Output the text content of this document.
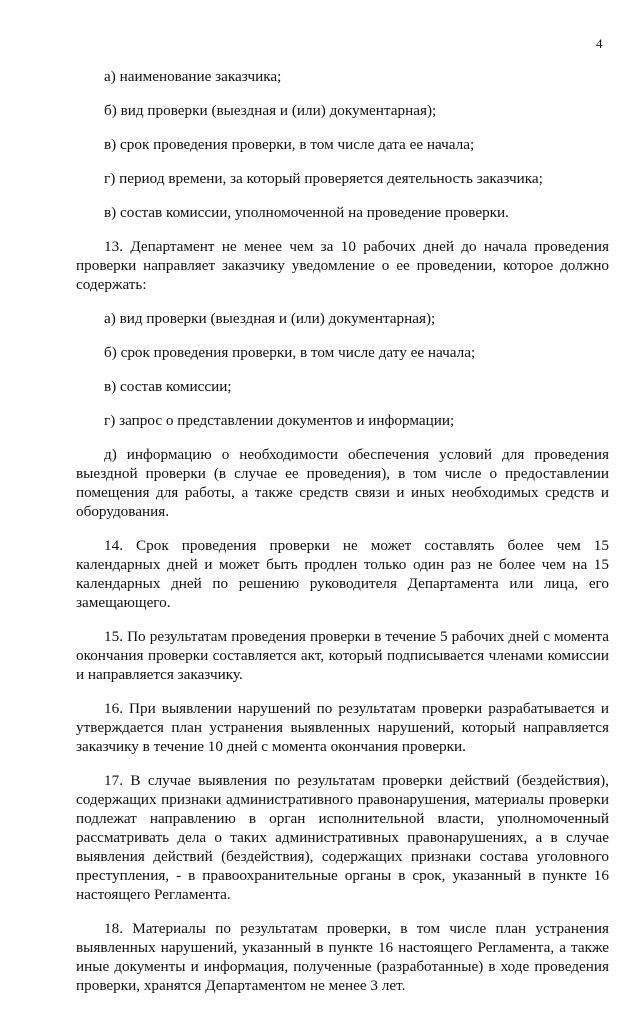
4

а) наименование заказчика;

б) вид проверки (выездная и (или) документарная);

в) срок проведения проверки, в том числе дата ее начала;

г) период времени, за который проверяется деятельность заказчика;

в) состав комиссии, уполномоченной на проведение проверки.

13. Департамент не менее чем за 10 рабочих дней до начала проведения проверки направляет заказчику уведомление о ее проведении, которое должно содержать:

а) вид проверки (выездная и (или) документарная);

б) срок проведения проверки, в том числе дату ее начала;

в) состав комиссии;

г) запрос о представлении документов и информации;

д) информацию о необходимости обеспечения условий для проведения выездной проверки (в случае ее проведения), в том числе о предоставлении помещения для работы, а также средств связи и иных необходимых средств и оборудования.

14. Срок проведения проверки не может составлять более чем 15 календарных дней и может быть продлен только один раз не более чем на 15 календарных дней по решению руководителя Департамента или лица, его замещающего.

15. По результатам проведения проверки в течение 5 рабочих дней с момента окончания проверки составляется акт, который подписывается членами комиссии и направляется заказчику.

16. При выявлении нарушений по результатам проверки разрабатывается и утверждается план устранения выявленных нарушений, который направляется заказчику в течение 10 дней с момента окончания проверки.

17. В случае выявления по результатам проверки действий (бездействия), содержащих признаки административного правонарушения, материалы проверки подлежат направлению в орган исполнительной власти, уполномоченный рассматривать дела о таких административных правонарушениях, а в случае выявления действий (бездействия), содержащих признаки состава уголовного преступления, - в правоохранительные органы в срок, указанный в пункте 16 настоящего Регламента.

18. Материалы по результатам проверки, в том числе план устранения выявленных нарушений, указанный в пункте 16 настоящего Регламента, а также иные документы и информация, полученные (разработанные) в ходе проведения проверки, хранятся Департаментом не менее 3 лет.
